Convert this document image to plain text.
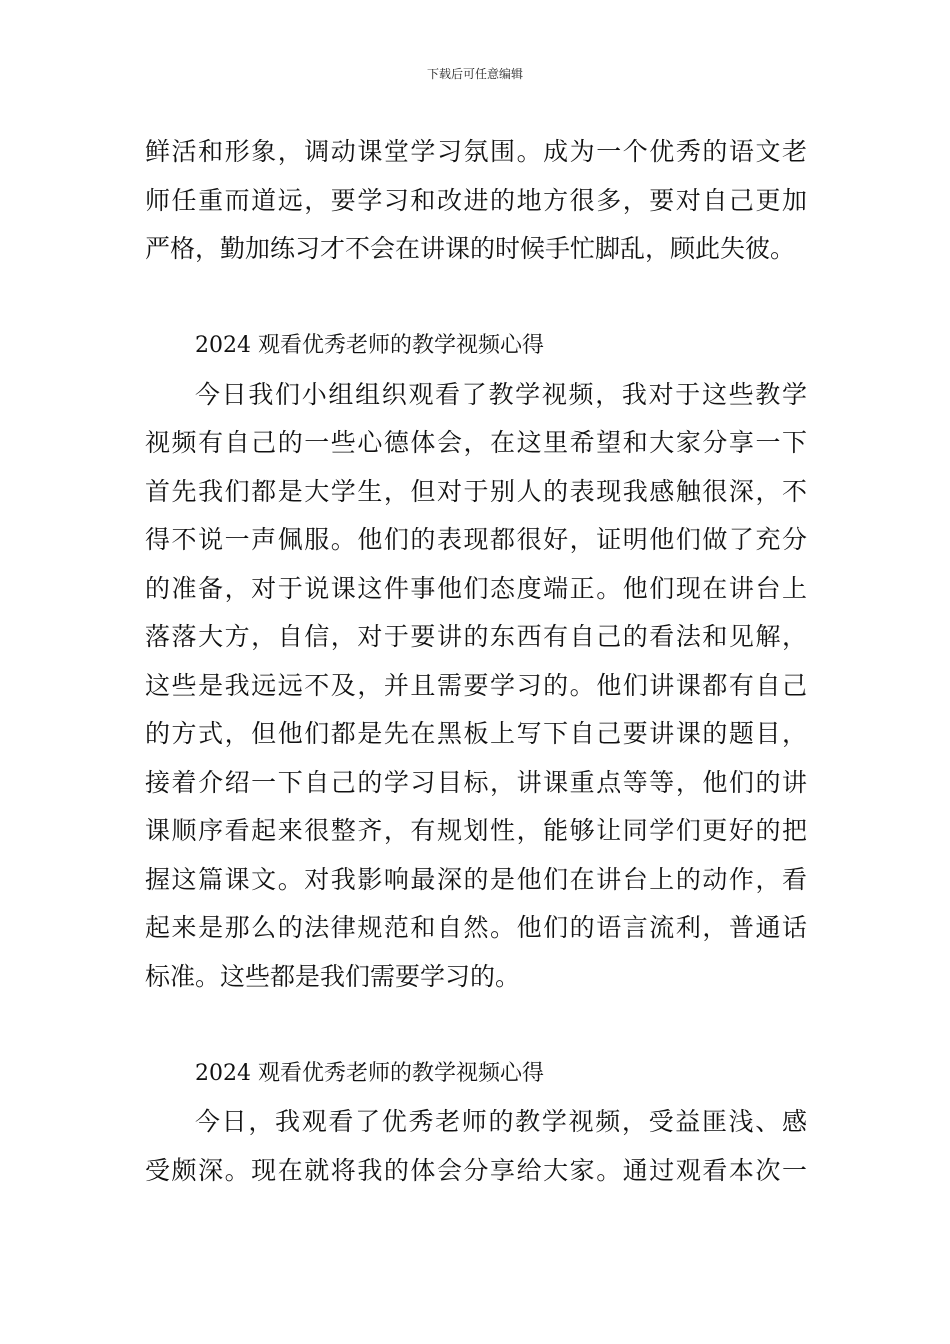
下载后可任意编辑
鲜活和形象，调动课堂学习氛围。成为一个优秀的语文老
师任重而道远，要学习和改进的地方很多，要对自己更加
严格，勤加练习才不会在讲课的时候手忙脚乱，顾此失彼。
2024 观看优秀老师的教学视频心得
今日我们小组组织观看了教学视频，我对于这些教学
视频有自己的一些心德体会，在这里希望和大家分享一下
首先我们都是大学生，但对于别人的表现我感触很深，不
得不说一声佩服。他们的表现都很好，证明他们做了充分
的准备，对于说课这件事他们态度端正。他们现在讲台上
落落大方，自信，对于要讲的东西有自己的看法和见解，
这些是我远远不及，并且需要学习的。他们讲课都有自己
的方式，但他们都是先在黑板上写下自己要讲课的题目，
接着介绍一下自己的学习目标，讲课重点等等，他们的讲
课顺序看起来很整齐，有规划性，能够让同学们更好的把
握这篇课文。对我影响最深的是他们在讲台上的动作，看
起来是那么的法律规范和自然。他们的语言流利，普通话
标准。这些都是我们需要学习的。
2024 观看优秀老师的教学视频心得
今日，我观看了优秀老师的教学视频，受益匪浅、感
受颇深。现在就将我的体会分享给大家。通过观看本次一
